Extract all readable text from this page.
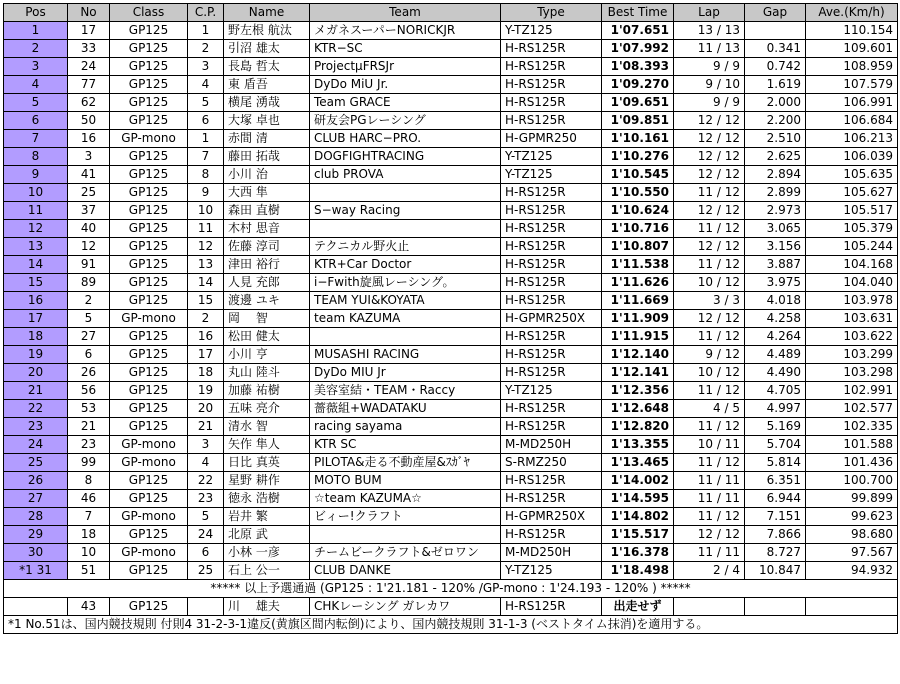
Pos	No	Class	C.P.	Name	Team	Type	Best Time	Lap	Gap	Ave.(Km/h)
1	17	GP125	1	野左根 航汰	メガネスーパーNORICKJR	Y-TZ125	1'07.651	13 / 13		110.154
2	33	GP125	2	引沼 雄太	KTR−SC	H-RS125R	1'07.992	11 / 13	0.341	109.601
3	24	GP125	3	長島 哲太	ProjectμFRSJr	H-RS125R	1'08.393	9 / 9	0.742	108.959
4	77	GP125	4	東 盾吾	DyDo MiU Jr.	H-RS125R	1'09.270	9 / 10	1.619	107.579
5	62	GP125	5	横尾 湧哉	Team GRACE	H-RS125R	1'09.651	9 / 9	2.000	106.991
6	50	GP125	6	大塚 卓也	研友会PGレーシング	H-RS125R	1'09.851	12 / 12	2.200	106.684
7	16	GP-mono	1	赤間 清	CLUB HARC−PRO.	H-GPMR250	1'10.161	12 / 12	2.510	106.213
8	3	GP125	7	藤田 拓哉	DOGFIGHTRACING	Y-TZ125	1'10.276	12 / 12	2.625	106.039
9	41	GP125	8	小川 治	club PROVA	Y-TZ125	1'10.545	12 / 12	2.894	105.635
10	25	GP125	9	大西 隼		H-RS125R	1'10.550	11 / 12	2.899	105.627
11	37	GP125	10	森田 直樹	S−way Racing	H-RS125R	1'10.624	12 / 12	2.973	105.517
12	40	GP125	11	木村 思音		H-RS125R	1'10.716	11 / 12	3.065	105.379
13	12	GP125	12	佐藤 淳司	テクニカル野火止	H-RS125R	1'10.807	12 / 12	3.156	105.244
14	91	GP125	13	津田 裕行	KTR+Car Doctor	H-RS125R	1'11.538	11 / 12	3.887	104.168
15	89	GP125	14	人見 充郎	i−Fwith旋風レーシング。	H-RS125R	1'11.626	10 / 12	3.975	104.040
16	2	GP125	15	渡邊 ユキ	TEAM YUI&KOYATA	H-RS125R	1'11.669	3 / 3	4.018	103.978
17	5	GP-mono	2	岡　 智	team KAZUMA	H-GPMR250X	1'11.909	12 / 12	4.258	103.631
18	27	GP125	16	松田 健太		H-RS125R	1'11.915	11 / 12	4.264	103.622
19	6	GP125	17	小川 亨	MUSASHI RACING	H-RS125R	1'12.140	9 / 12	4.489	103.299
20	26	GP125	18	丸山 陸斗	DyDo MIU Jr	H-RS125R	1'12.141	10 / 12	4.490	103.298
21	56	GP125	19	加藤 祐樹	美容室結・TEAM・Raccy	Y-TZ125	1'12.356	11 / 12	4.705	102.991
22	53	GP125	20	五味 亮介	薔薇組+WADATAKU	H-RS125R	1'12.648	4 / 5	4.997	102.577
23	21	GP125	21	清水 智	racing sayama	H-RS125R	1'12.820	11 / 12	5.169	102.335
24	23	GP-mono	3	矢作 隼人	KTR SC	M-MD250H	1'13.355	10 / 11	5.704	101.588
25	99	GP-mono	4	日比 真英	PILOTA&走る不動産屋&ｽｶﾞﾔ	S-RMZ250	1'13.465	11 / 12	5.814	101.436
26	8	GP125	22	星野 耕作	MOTO BUM	H-RS125R	1'14.002	11 / 11	6.351	100.700
27	46	GP125	23	徳永 浩樹	☆team KAZUMA☆	H-RS125R	1'14.595	11 / 11	6.944	99.899
28	7	GP-mono	5	岩井 繁	ビィー!クラフト	H-GPMR250X	1'14.802	11 / 12	7.151	99.623
29	18	GP125	24	北原 武		H-RS125R	1'15.517	12 / 12	7.866	98.680
30	10	GP-mono	6	小林 一彦	チームビークラフト&ゼロワン	M-MD250H	1'16.378	11 / 11	8.727	97.567
*1 31	51	GP125	25	石上 公一	CLUB DANKE	Y-TZ125	1'18.498	2 / 4	10.847	94.932
***** 以上予選通過 (GP125 : 1'21.181 - 120% /GP-mono : 1'24.193 - 120% ) *****										
	43	GP125		川　 雄夫	CHKレーシング ガレカワ	H-RS125R	出走せず			
*1 No.51は、国内競技規則 付則4 31-2-3-1違反(黄旗区間内転倒)により、国内競技規則 31-1-3 (ベストタイム抹消)を適用する。										
